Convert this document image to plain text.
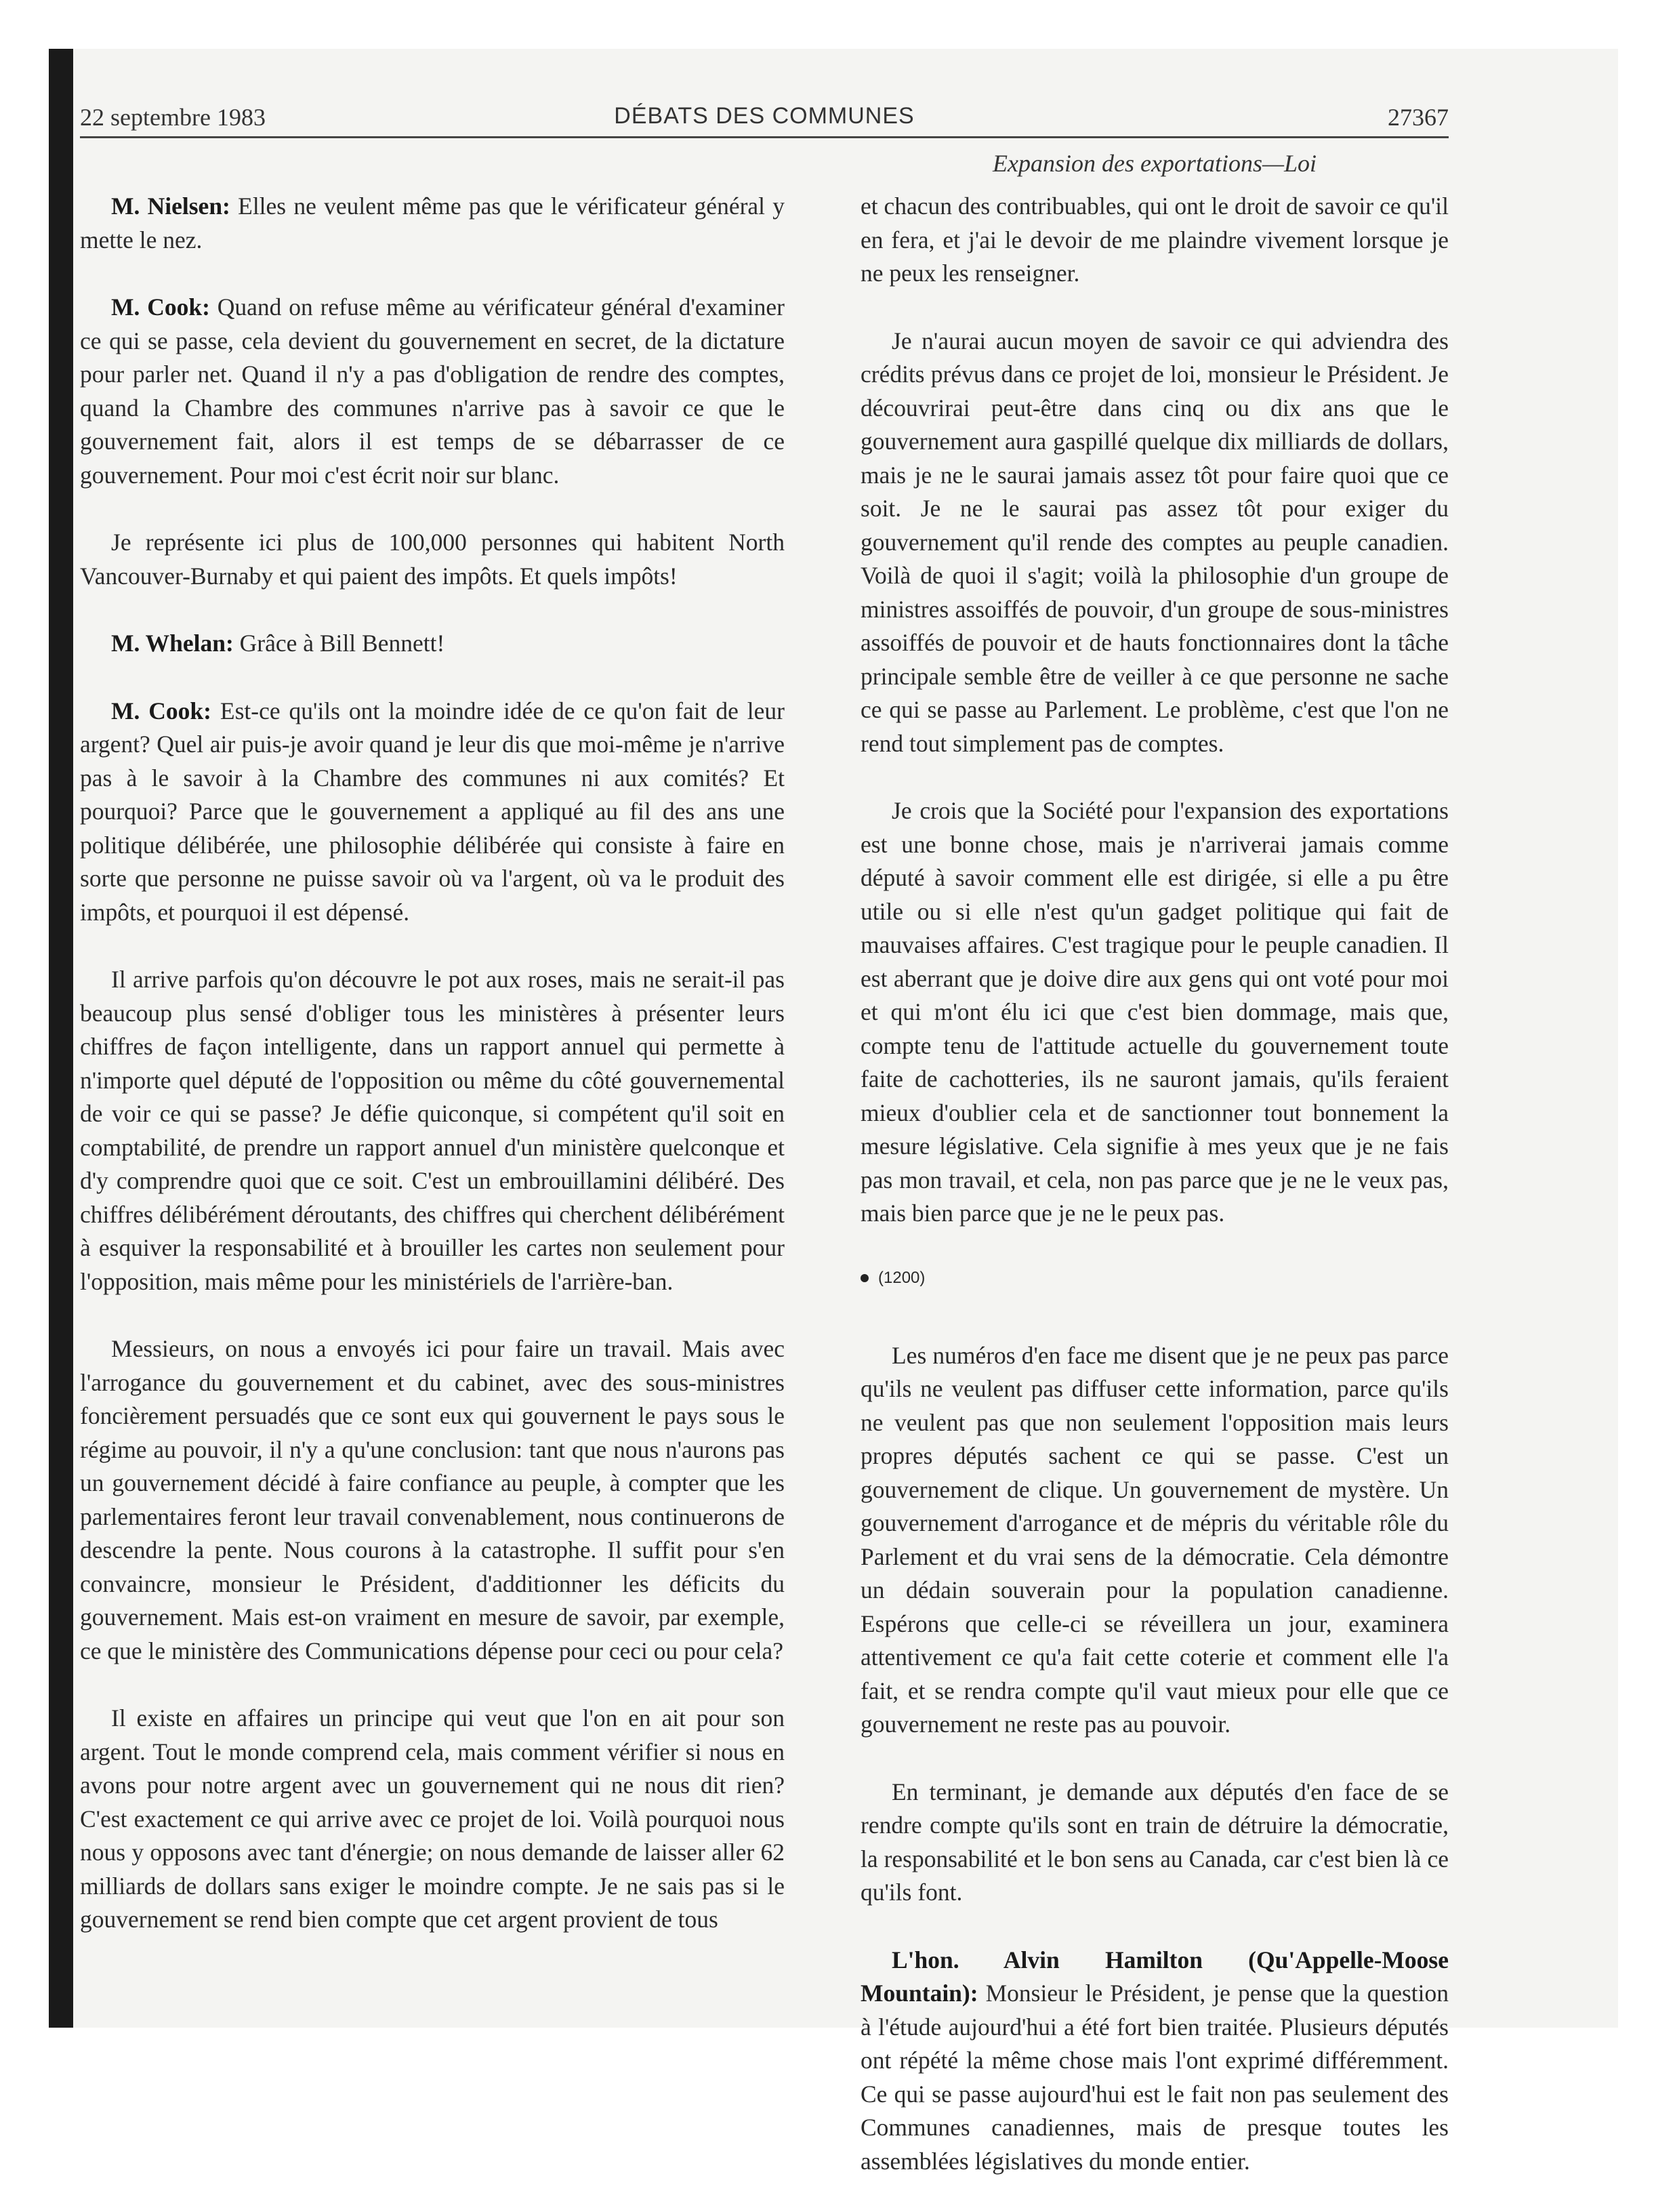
22 septembre 1983	DÉBATS DES COMMUNES	27367
Expansion des exportations—Loi

M. Nielsen: Elles ne veulent même pas que le vérificateur général y mette le nez.

M. Cook: Quand on refuse même au vérificateur général d'examiner ce qui se passe, cela devient du gouvernement en secret, de la dictature pour parler net. Quand il n'y a pas d'obligation de rendre des comptes, quand la Chambre des communes n'arrive pas à savoir ce que le gouvernement fait, alors il est temps de se débarrasser de ce gouvernement. Pour moi c'est écrit noir sur blanc.

Je représente ici plus de 100,000 personnes qui habitent North Vancouver-Burnaby et qui paient des impôts. Et quels impôts!

M. Whelan: Grâce à Bill Bennett!

M. Cook: Est-ce qu'ils ont la moindre idée de ce qu'on fait de leur argent? Quel air puis-je avoir quand je leur dis que moi-même je n'arrive pas à le savoir à la Chambre des communes ni aux comités? Et pourquoi? Parce que le gouvernement a appliqué au fil des ans une politique délibérée, une philosophie délibérée qui consiste à faire en sorte que personne ne puisse savoir où va l'argent, où va le produit des impôts, et pourquoi il est dépensé.

Il arrive parfois qu'on découvre le pot aux roses, mais ne serait-il pas beaucoup plus sensé d'obliger tous les ministères à présenter leurs chiffres de façon intelligente, dans un rapport annuel qui permette à n'importe quel député de l'opposition ou même du côté gouvernemental de voir ce qui se passe? Je défie quiconque, si compétent qu'il soit en comptabilité, de prendre un rapport annuel d'un ministère quelconque et d'y comprendre quoi que ce soit. C'est un embrouillamini délibéré. Des chiffres délibérément déroutants, des chiffres qui cherchent délibérément à esquiver la responsabilité et à brouiller les cartes non seulement pour l'opposition, mais même pour les ministériels de l'arrière-ban.

Messieurs, on nous a envoyés ici pour faire un travail. Mais avec l'arrogance du gouvernement et du cabinet, avec des sous-ministres foncièrement persuadés que ce sont eux qui gouvernent le pays sous le régime au pouvoir, il n'y a qu'une conclusion: tant que nous n'aurons pas un gouvernement décidé à faire confiance au peuple, à compter que les parlementaires feront leur travail convenablement, nous continuerons de descendre la pente. Nous courons à la catastrophe. Il suffit pour s'en convaincre, monsieur le Président, d'additionner les déficits du gouvernement. Mais est-on vraiment en mesure de savoir, par exemple, ce que le ministère des Communications dépense pour ceci ou pour cela?

Il existe en affaires un principe qui veut que l'on en ait pour son argent. Tout le monde comprend cela, mais comment vérifier si nous en avons pour notre argent avec un gouvernement qui ne nous dit rien? C'est exactement ce qui arrive avec ce projet de loi. Voilà pourquoi nous nous y opposons avec tant d'énergie; on nous demande de laisser aller 62 milliards de dollars sans exiger le moindre compte. Je ne sais pas si le gouvernement se rend bien compte que cet argent provient de tous

et chacun des contribuables, qui ont le droit de savoir ce qu'il en fera, et j'ai le devoir de me plaindre vivement lorsque je ne peux les renseigner.

Je n'aurai aucun moyen de savoir ce qui adviendra des crédits prévus dans ce projet de loi, monsieur le Président. Je découvrirai peut-être dans cinq ou dix ans que le gouvernement aura gaspillé quelque dix milliards de dollars, mais je ne le saurai jamais assez tôt pour faire quoi que ce soit. Je ne le saurai pas assez tôt pour exiger du gouvernement qu'il rende des comptes au peuple canadien. Voilà de quoi il s'agit; voilà la philosophie d'un groupe de ministres assoiffés de pouvoir, d'un groupe de sous-ministres assoiffés de pouvoir et de hauts fonctionnaires dont la tâche principale semble être de veiller à ce que personne ne sache ce qui se passe au Parlement. Le problème, c'est que l'on ne rend tout simplement pas de comptes.

Je crois que la Société pour l'expansion des exportations est une bonne chose, mais je n'arriverai jamais comme député à savoir comment elle est dirigée, si elle a pu être utile ou si elle n'est qu'un gadget politique qui fait de mauvaises affaires. C'est tragique pour le peuple canadien. Il est aberrant que je doive dire aux gens qui ont voté pour moi et qui m'ont élu ici que c'est bien dommage, mais que, compte tenu de l'attitude actuelle du gouvernement toute faite de cachotteries, ils ne sauront jamais, qu'ils feraient mieux d'oublier cela et de sanctionner tout bonnement la mesure législative. Cela signifie à mes yeux que je ne fais pas mon travail, et cela, non pas parce que je ne le veux pas, mais bien parce que je ne le peux pas.

(1200)

Les numéros d'en face me disent que je ne peux pas parce qu'ils ne veulent pas diffuser cette information, parce qu'ils ne veulent pas que non seulement l'opposition mais leurs propres députés sachent ce qui se passe. C'est un gouvernement de clique. Un gouvernement de mystère. Un gouvernement d'arrogance et de mépris du véritable rôle du Parlement et du vrai sens de la démocratie. Cela démontre un dédain souverain pour la population canadienne. Espérons que celle-ci se réveillera un jour, examinera attentivement ce qu'a fait cette coterie et comment elle l'a fait, et se rendra compte qu'il vaut mieux pour elle que ce gouvernement ne reste pas au pouvoir.

En terminant, je demande aux députés d'en face de se rendre compte qu'ils sont en train de détruire la démocratie, la responsabilité et le bon sens au Canada, car c'est bien là ce qu'ils font.

L'hon. Alvin Hamilton (Qu'Appelle-Moose Mountain): Monsieur le Président, je pense que la question à l'étude aujourd'hui a été fort bien traitée. Plusieurs députés ont répété la même chose mais l'ont exprimé différemment. Ce qui se passe aujourd'hui est le fait non pas seulement des Communes canadiennes, mais de presque toutes les assemblées législatives du monde entier.
